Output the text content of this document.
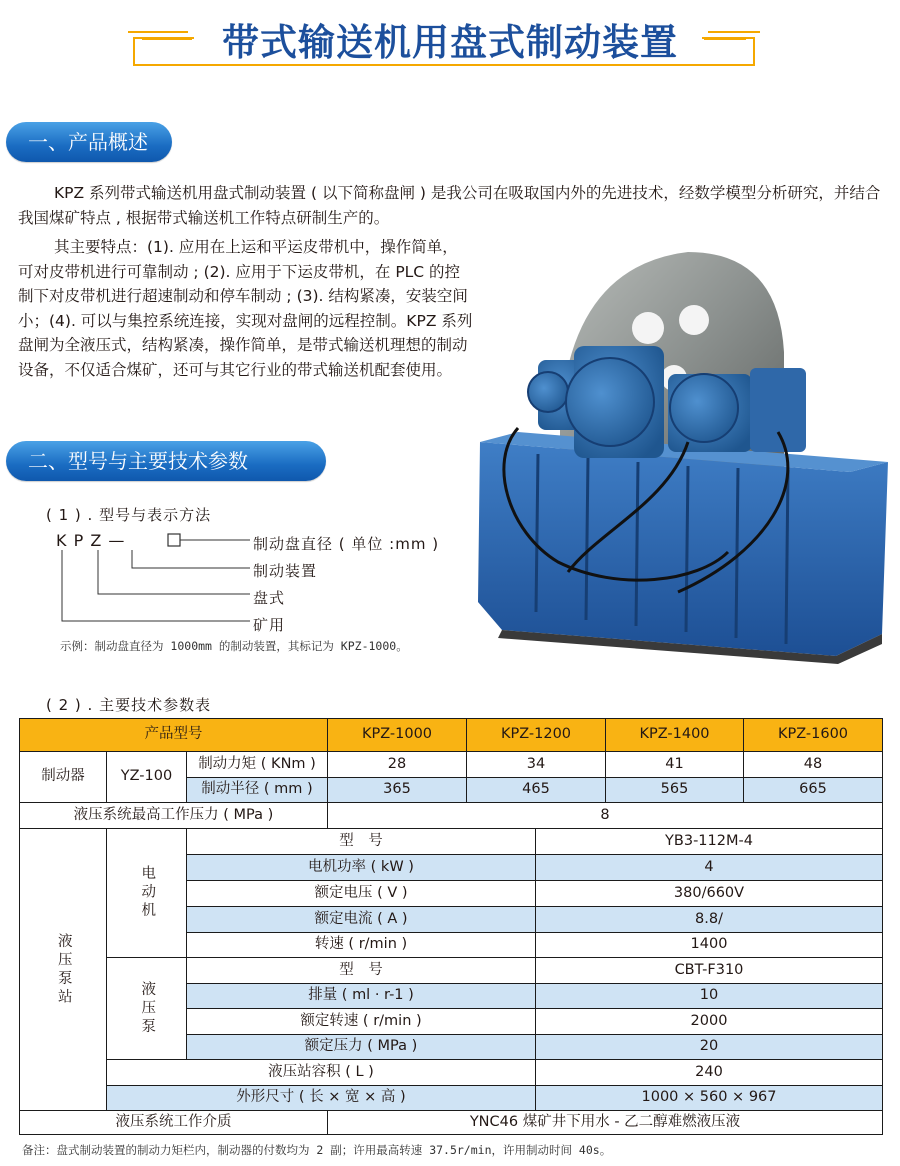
带式输送机用盘式制动装置
一、产品概述

KPZ 系列带式输送机用盘式制动装置 ( 以下简称盘闸 ) 是我公司在吸取国内外的先进技术，经数学模型分析研究，并结合我国煤矿特点 , 根据带式输送机工作特点研制生产的。

其主要特点：(1). 应用在上运和平运皮带机中，操作简单，可对皮带机进行可靠制动 ; (2). 应用于下运皮带机，在 PLC 的控制下对皮带机进行超速制动和停车制动 ; (3). 结构紧凑，安装空间小；(4). 可以与集控系统连接，实现对盘闸的远程控制。KPZ 系列盘闸为全液压式，结构紧凑，操作简单，是带式输送机理想的制动设备，不仅适合煤矿，还可与其它行业的带式输送机配套使用。

二、型号与主要技术参数
( 1 ) . 型号与表示方法
K P Z —	制动盘直径 ( 单位 :mm )
制动装置
盘式
矿用
示例：制动盘直径为 1000mm 的制动装置，其标记为 KPZ-1000。
( 2 ) . 主要技术参数表
产品型号	KPZ-1000	KPZ-1200	KPZ-1400	KPZ-1600
制动器	YZ-100
制动力矩 ( KNm )	28	34	41	48
制动半径 ( mm )	365	465	565	665
液压系统最高工作压力 ( MPa )	8
液压泵站
电动机
型　号	YB3-112M-4
电机功率 ( kW )	4
额定电压 ( V )	380/660V
额定电流 ( A )	8.8/
转速 ( r/min )	1400
液压泵
型　号	CBT-F310
排量 ( ml · r-1 )	10
额定转速 ( r/min )	2000
额定压力 ( MPa )	20
液压站容积 ( L )	240
外形尺寸 ( 长 × 宽 × 高 )	1000 × 560 × 967
液压系统工作介质	YNC46 煤矿井下用水 - 乙二醇难燃液压液
备注：盘式制动装置的制动力矩栏内，制动器的付数均为 2 副；许用最高转速 37.5r/min，许用制动时间 40s。
